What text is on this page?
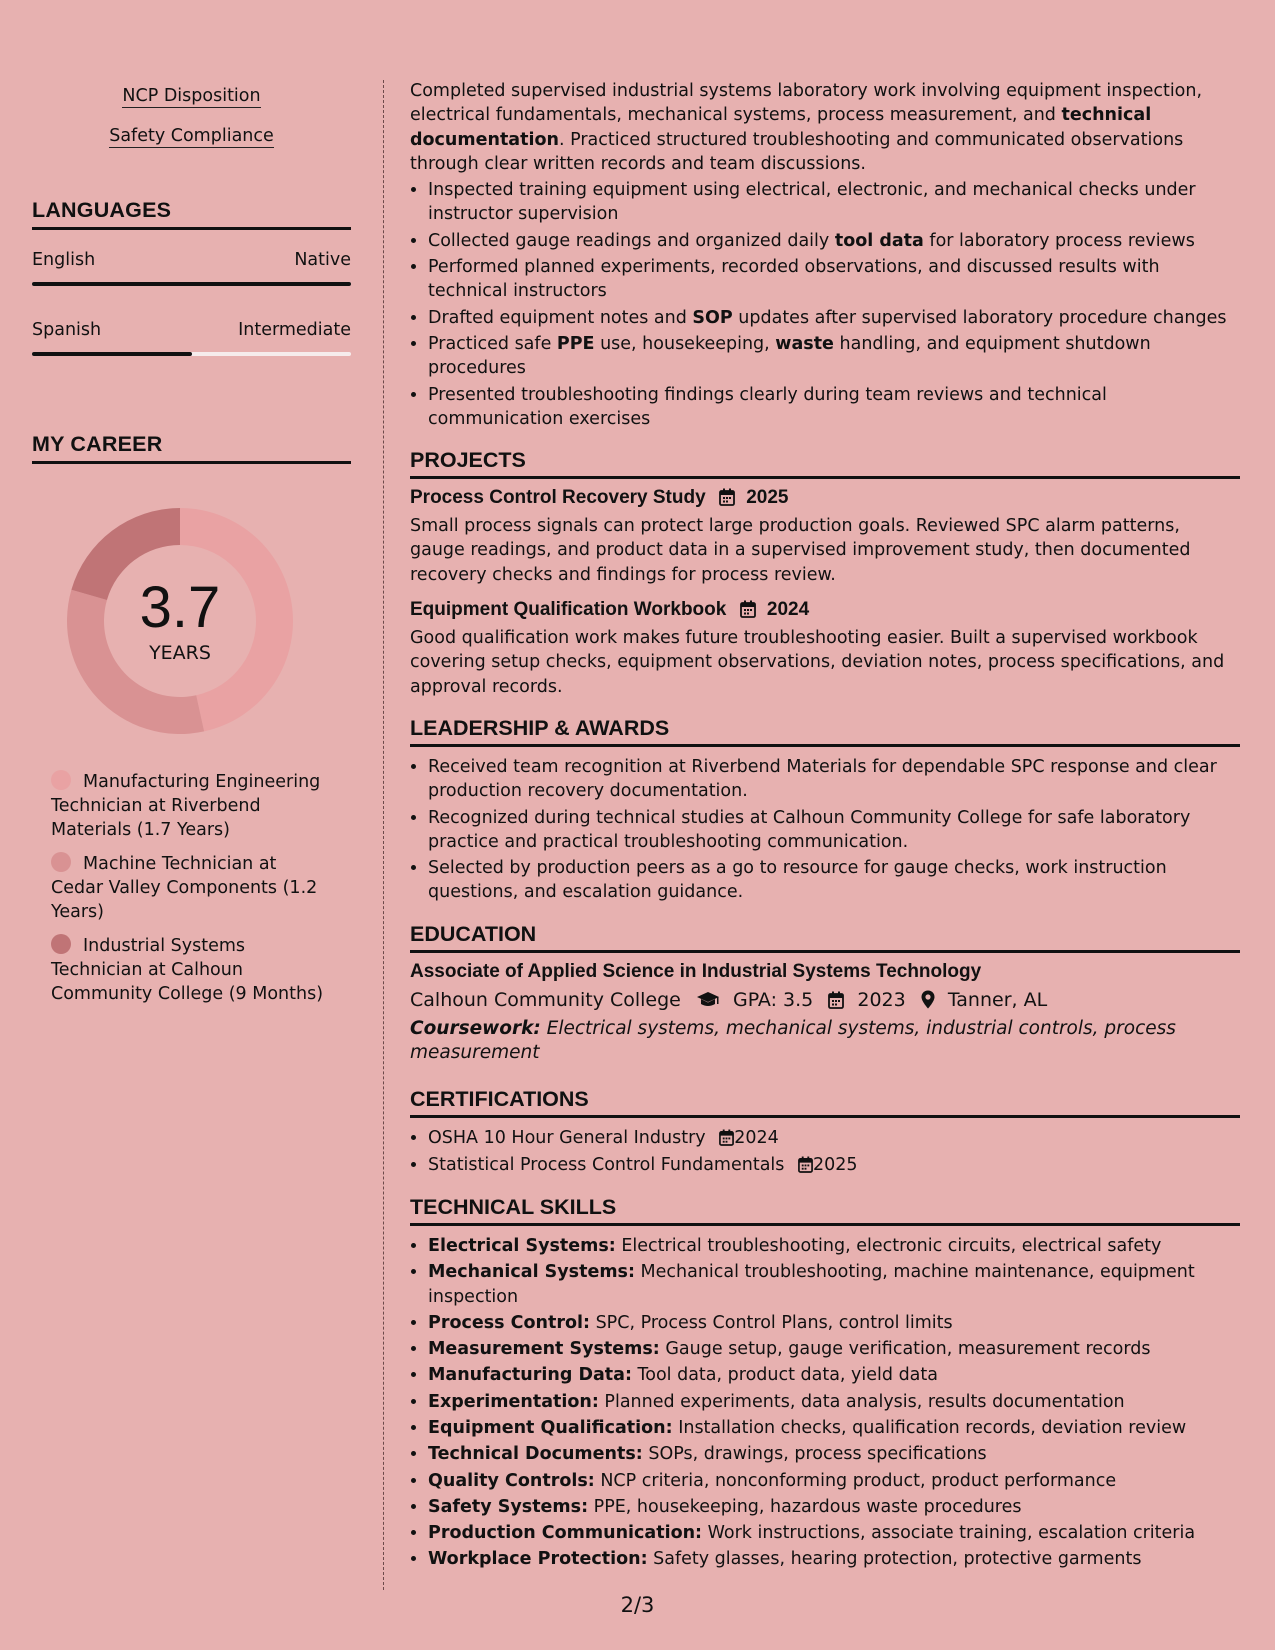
NCP Disposition
Safety Compliance
LANGUAGES
English	Native
Spanish	Intermediate
MY CAREER
3.7
YEARS
Manufacturing Engineering Technician at Riverbend Materials (1.7 Years)
Machine Technician at Cedar Valley Components (1.2 Years)
Industrial Systems Technician at Calhoun Community College (9 Months)

Completed supervised industrial systems laboratory work involving equipment inspection, electrical fundamentals, mechanical systems, process measurement, and technical documentation. Practiced structured troubleshooting and communicated observations through clear written records and team discussions.

• Inspected training equipment using electrical, electronic, and mechanical checks under instructor supervision
• Collected gauge readings and organized daily tool data for laboratory process reviews
• Performed planned experiments, recorded observations, and discussed results with technical instructors
• Drafted equipment notes and SOP updates after supervised laboratory procedure changes
• Practiced safe PPE use, housekeeping, waste handling, and equipment shutdown procedures
• Presented troubleshooting findings clearly during team reviews and technical communication exercises
PROJECTS
Process Control Recovery Study 2025

Small process signals can protect large production goals. Reviewed SPC alarm patterns, gauge readings, and product data in a supervised improvement study, then documented recovery checks and findings for process review.

Equipment Qualification Workbook 2024

Good qualification work makes future troubleshooting easier. Built a supervised workbook covering setup checks, equipment observations, deviation notes, process specifications, and approval records.

LEADERSHIP & AWARDS
• Received team recognition at Riverbend Materials for dependable SPC response and clear production recovery documentation.
• Recognized during technical studies at Calhoun Community College for safe laboratory practice and practical troubleshooting communication.
• Selected by production peers as a go to resource for gauge checks, work instruction questions, and escalation guidance.
EDUCATION
Associate of Applied Science in Industrial Systems Technology
Calhoun Community College	GPA: 3.5 2023 Tanner, AL

Coursework: Electrical systems, mechanical systems, industrial controls, process measurement

CERTIFICATIONS
• OSHA 10 Hour General Industry 2024
• Statistical Process Control Fundamentals 2025
TECHNICAL SKILLS
• Electrical Systems: Electrical troubleshooting, electronic circuits, electrical safety
• Mechanical Systems: Mechanical troubleshooting, machine maintenance, equipment inspection
• Process Control: SPC, Process Control Plans, control limits
• Measurement Systems: Gauge setup, gauge verification, measurement records
• Manufacturing Data: Tool data, product data, yield data
• Experimentation: Planned experiments, data analysis, results documentation
• Equipment Qualification: Installation checks, qualification records, deviation review
• Technical Documents: SOPs, drawings, process specifications
• Quality Controls: NCP criteria, nonconforming product, product performance
• Safety Systems: PPE, housekeeping, hazardous waste procedures
• Production Communication: Work instructions, associate training, escalation criteria
• Workplace Protection: Safety glasses, hearing protection, protective garments
2/3
